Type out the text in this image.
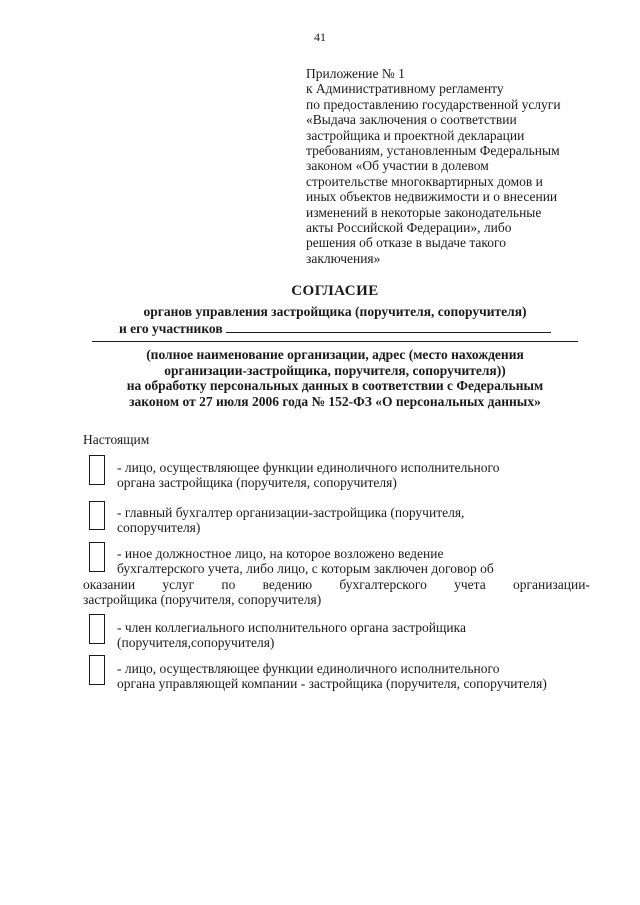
41
Приложение № 1
к Административному регламенту
по предоставлению государственной услуги
«Выдача заключения о соответствии
застройщика и проектной декларации
требованиям, установленным Федеральным
законом «Об участии в долевом
строительстве многоквартирных домов и
иных объектов недвижимости и о внесении
изменений в некоторые законодательные
акты Российской Федерации», либо
решения об отказе в выдаче такого
заключения»
СОГЛАСИЕ
органов управления застройщика (поручителя, сопоручителя)
и его участников
(полное наименование организации, адрес (место нахождения
организации-застройщика, поручителя, сопоручителя))
на обработку персональных данных в соответствии с Федеральным
законом от 27 июля 2006 года № 152-ФЗ «О персональных данных»
Настоящим
- лицо, осуществляющее функции единоличного исполнительного
органа застройщика (поручителя, сопоручителя)
- главный бухгалтер организации-застройщика (поручителя,
сопоручителя)
- иное должностное лицо, на которое возложено ведение
бухгалтерского учета, либо лицо, с которым заключен договор об
оказании услуг по ведению бухгалтерского учета организации-
застройщика (поручителя, сопоручителя)
- член коллегиального исполнительного органа застройщика
(поручителя,сопоручителя)
- лицо, осуществляющее функции единоличного исполнительного
органа управляющей компании - застройщика (поручителя, сопоручителя)
